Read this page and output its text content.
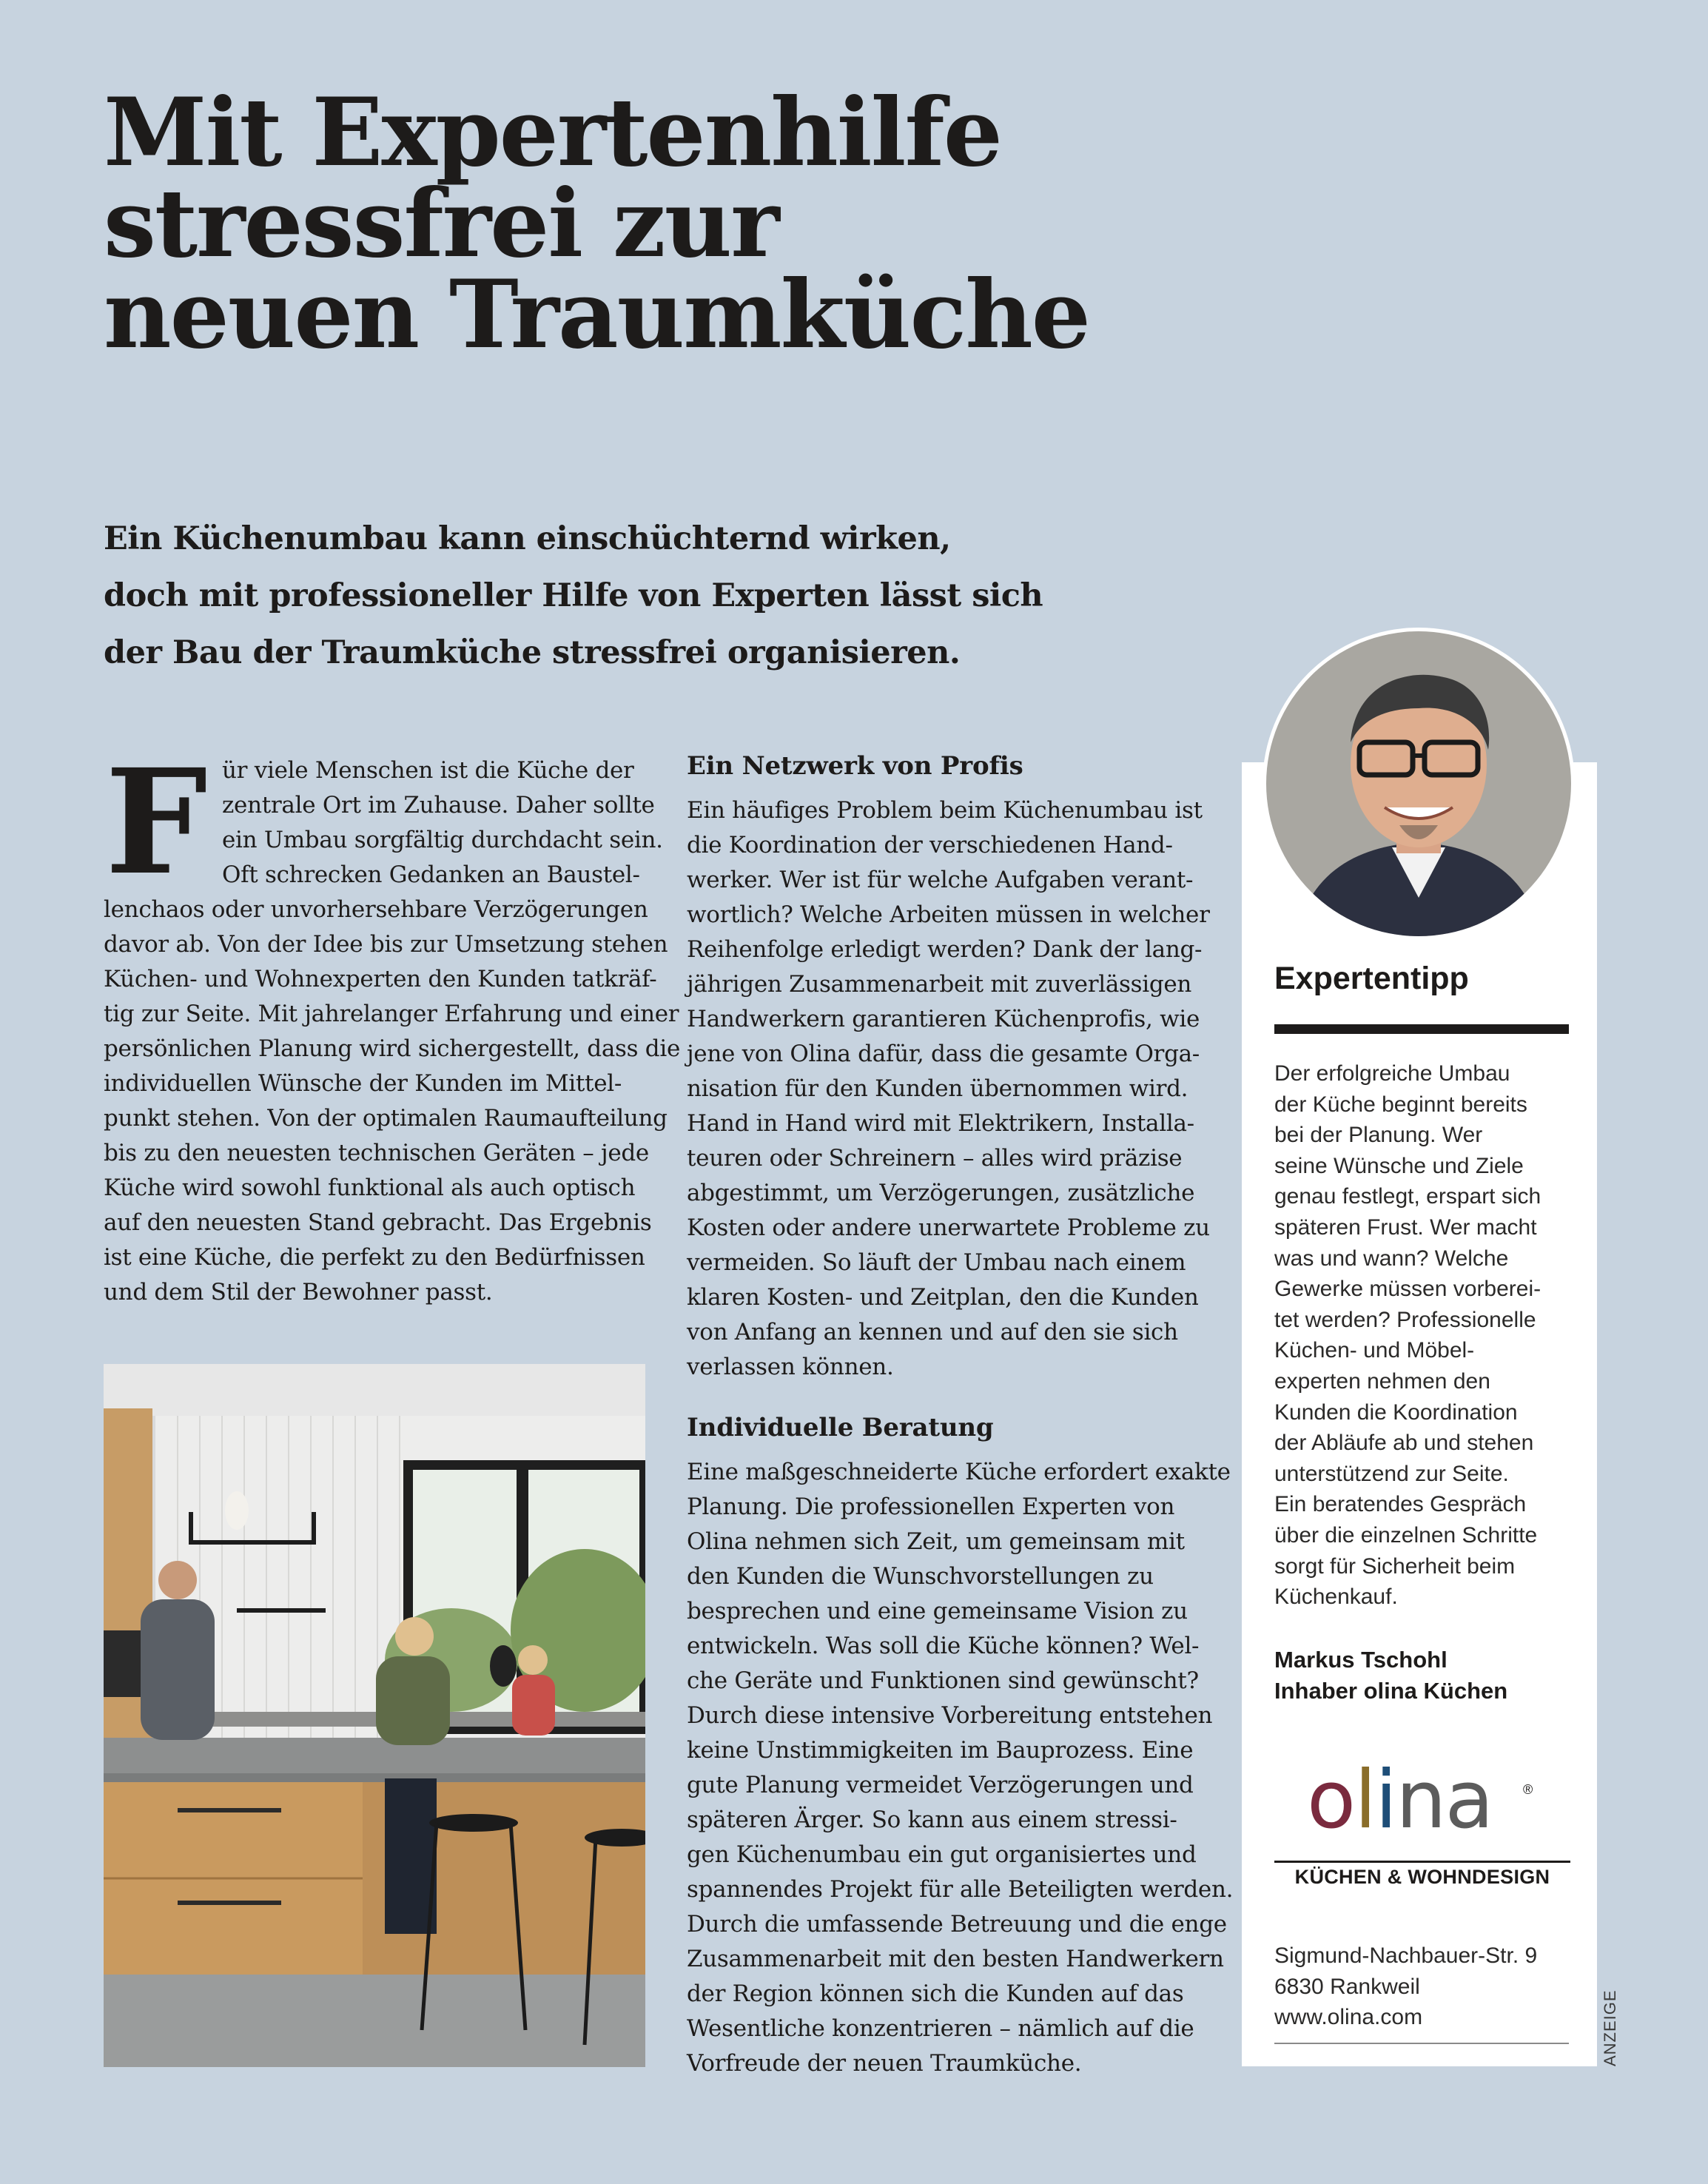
Mit Expertenhilfe
stressfrei zur
neuen Traumküche

Ein Küchenumbau kann einschüchternd wirken,
doch mit professioneller Hilfe von Experten lässt sich
der Bau der Traumküche stressfrei organisieren.

F ür viele Menschen ist die Küche der
zentrale Ort im Zuhause. Daher sollte
ein Umbau sorgfältig durchdacht sein.
Oft schrecken Gedanken an Baustel-
lenchaos oder unvorhersehbare Verzögerungen
davor ab. Von der Idee bis zur Umsetzung stehen
Küchen- und Wohnexperten den Kunden tatkräf-
tig zur Seite. Mit jahrelanger Erfahrung und einer
persönlichen Planung wird sichergestellt, dass die
individuellen Wünsche der Kunden im Mittel-
punkt stehen. Von der optimalen Raumaufteilung
bis zu den neuesten technischen Geräten – jede
Küche wird sowohl funktional als auch optisch
auf den neuesten Stand gebracht. Das Ergebnis
ist eine Küche, die perfekt zu den Bedürfnissen
und dem Stil der Bewohner passt.
Ein Netzwerk von Profis
Ein häufiges Problem beim Küchenumbau ist
die Koordination der verschiedenen Hand-
werker. Wer ist für welche Aufgaben verant-
wortlich? Welche Arbeiten müssen in welcher
Reihenfolge erledigt werden? Dank der lang-
jährigen Zusammenarbeit mit zuverlässigen
Handwerkern garantieren Küchenprofis, wie
jene von Olina dafür, dass die gesamte Orga-
nisation für den Kunden übernommen wird.
Hand in Hand wird mit Elektrikern, Installa-
teuren oder Schreinern – alles wird präzise
abgestimmt, um Verzögerungen, zusätzliche
Kosten oder andere unerwartete Probleme zu
vermeiden. So läuft der Umbau nach einem
klaren Kosten- und Zeitplan, den die Kunden
von Anfang an kennen und auf den sie sich
verlassen können.
Individuelle Beratung
Eine maßgeschneiderte Küche erfordert exakte
Planung. Die professionellen Experten von
Olina nehmen sich Zeit, um gemeinsam mit
den Kunden die Wunschvorstellungen zu
besprechen und eine gemeinsame Vision zu
entwickeln. Was soll die Küche können? Wel-
che Geräte und Funktionen sind gewünscht?
Durch diese intensive Vorbereitung entstehen
keine Unstimmigkeiten im Bauprozess. Eine
gute Planung vermeidet Verzögerungen und
späteren Ärger. So kann aus einem stressi-
gen Küchenumbau ein gut organisiertes und
spannendes Projekt für alle Beteiligten werden.
Durch die umfassende Betreuung und die enge
Zusammenarbeit mit den besten Handwerkern
der Region können sich die Kunden auf das
Wesentliche konzentrieren – nämlich auf die
Vorfreude der neuen Traumküche.
Expertentipp
Der erfolgreiche Umbau
der Küche beginnt bereits
bei der Planung. Wer
seine Wünsche und Ziele
genau festlegt, erspart sich
späteren Frust. Wer macht
was und wann? Welche
Gewerke müssen vorberei-
tet werden? Professionelle
Küchen- und Möbel-
experten nehmen den
Kunden die Koordination
der Abläufe ab und stehen
unterstützend zur Seite.
Ein beratendes Gespräch
über die einzelnen Schritte
sorgt für Sicherheit beim
Küchenkauf.
Markus Tschohl
Inhaber olina Küchen
olina ®
KÜCHEN & WOHNDESIGN
Sigmund-Nachbauer-Str. 9
6830 Rankweil
www.olina.com	ANZEIGE
